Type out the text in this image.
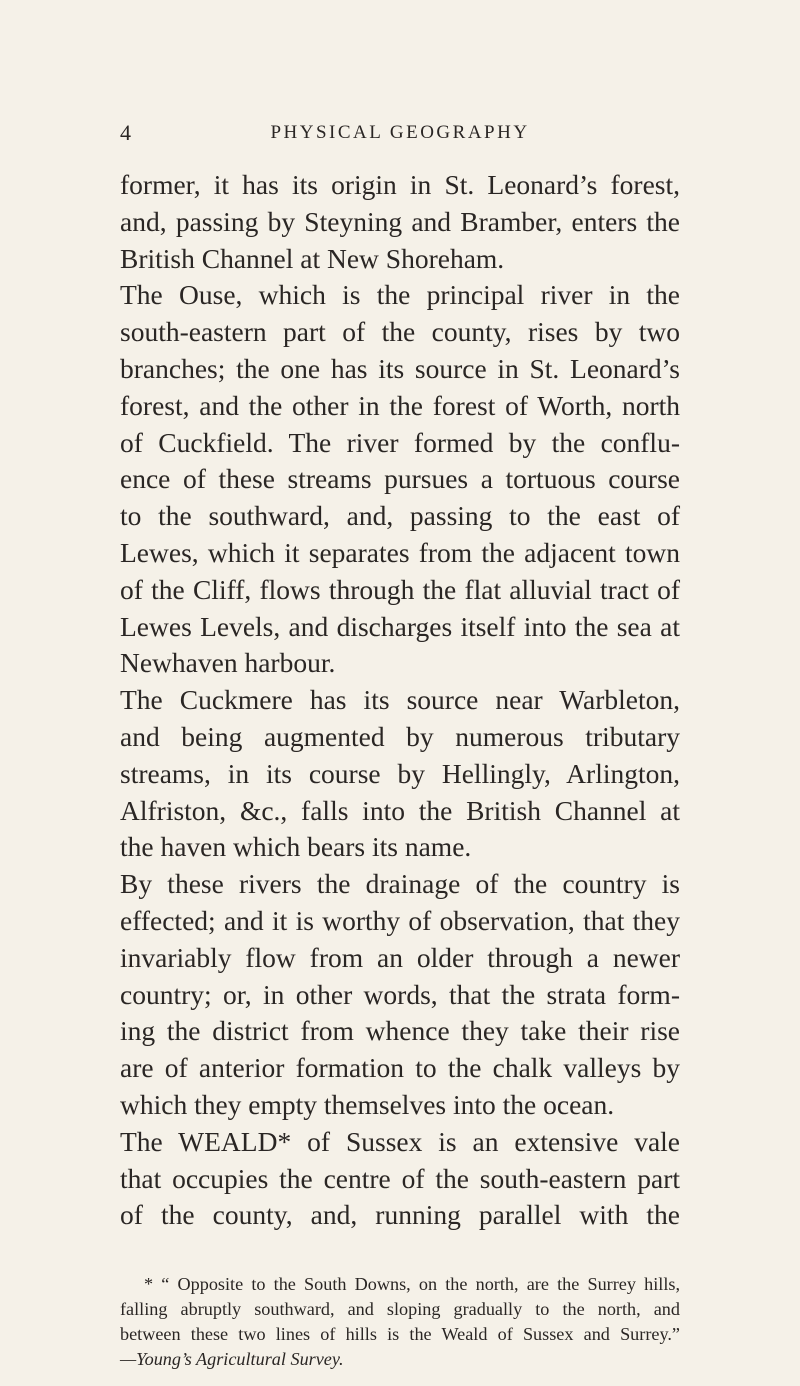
4	PHYSICAL GEOGRAPHY
former, it has its origin in St. Leonard’s forest,
and, passing by Steyning and Bramber, enters the
British Channel at New Shoreham.
The Ouse, which is the principal river in the
south-eastern part of the county, rises by two
branches; the one has its source in St. Leonard’s
forest, and the other in the forest of Worth, north
of Cuckfield. The river formed by the conflu-
ence of these streams pursues a tortuous course
to the southward, and, passing to the east of
Lewes, which it separates from the adjacent town
of the Cliff, flows through the flat alluvial tract of
Lewes Levels, and discharges itself into the sea at
Newhaven harbour.
The Cuckmere has its source near Warbleton,
and being augmented by numerous tributary
streams, in its course by Hellingly, Arlington,
Alfriston, &c., falls into the British Channel at
the haven which bears its name.
By these rivers the drainage of the country is
effected; and it is worthy of observation, that they
invariably flow from an older through a newer
country; or, in other words, that the strata form-
ing the district from whence they take their rise
are of anterior formation to the chalk valleys by
which they empty themselves into the ocean.
The WEALD* of Sussex is an extensive vale
that occupies the centre of the south-eastern part
of the county, and, running parallel with the
* “ Opposite to the South Downs, on the north, are the Surrey hills,
falling abruptly southward, and sloping gradually to the north, and
between these two lines of hills is the Weald of Sussex and Surrey.”
—Young’s Agricultural Survey.
